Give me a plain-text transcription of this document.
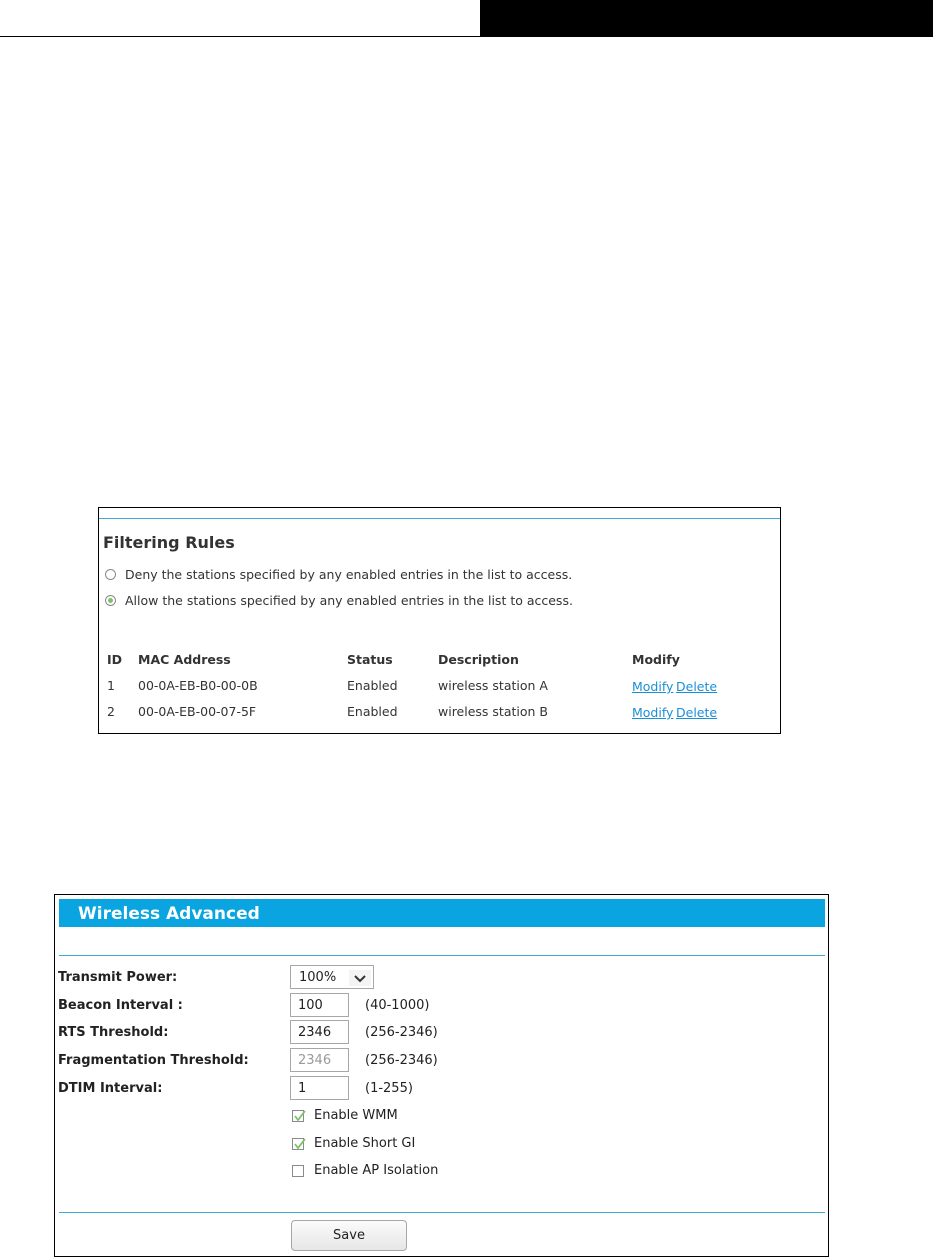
Filtering Rules
Deny the stations specified by any enabled entries in the list to access.
Allow the stations specified by any enabled entries in the list to access.
ID MAC Address	Status	Description	Modify
1 00-0A-EB-B0-00-0B	Enabled	wireless station A	Modify Delete
2 00-0A-EB-00-07-5F	Enabled	wireless station B	Modify Delete
Wireless Advanced
Transmit Power:	100%
Beacon Interval :
100	(40-1000)
RTS Threshold:
2346	(256-2346)
Fragmentation Threshold:
2346	(256-2346)
DTIM Interval:
1	(1-255)
Enable WMM
Enable Short GI
Enable AP Isolation
Save
